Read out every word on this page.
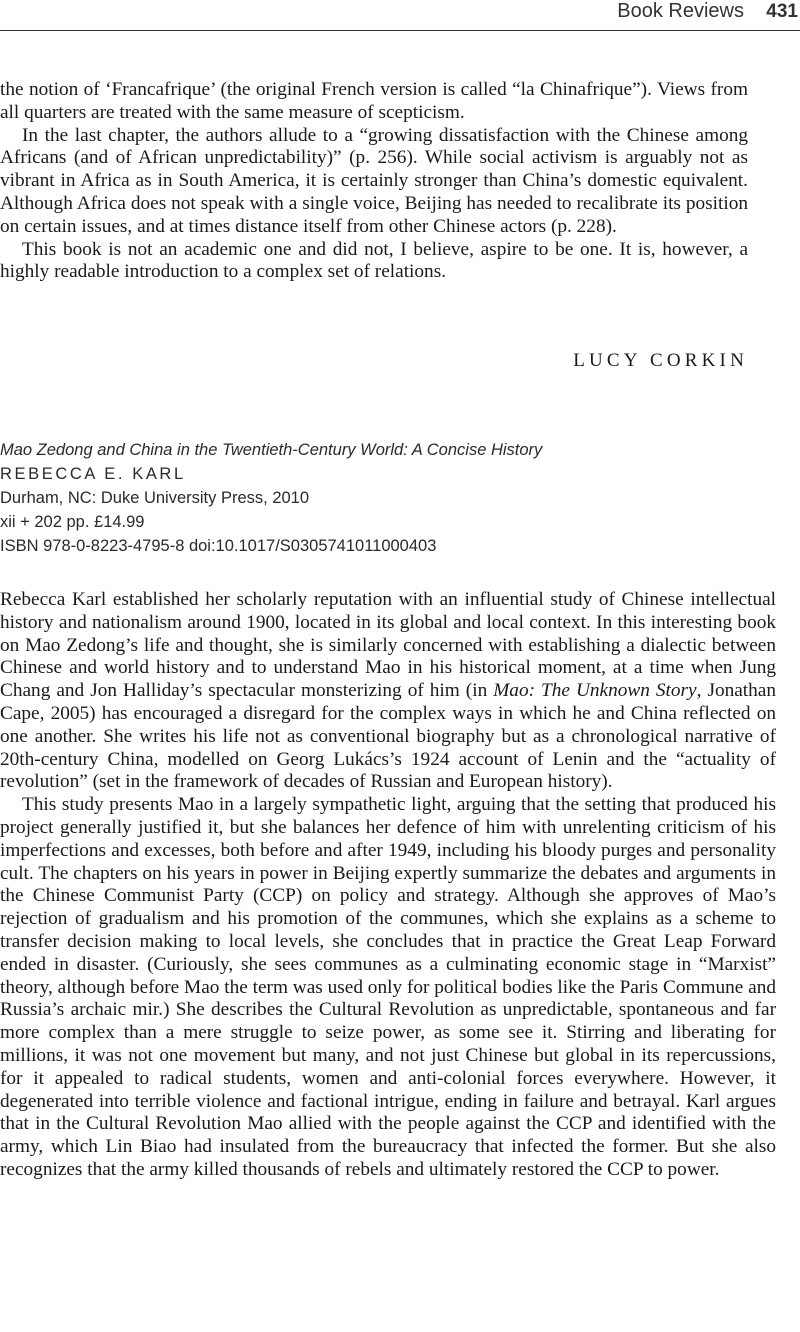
Book Reviews 431

the notion of ‘Francafrique’ (the original French version is called “la Chinafrique”). Views from all quarters are treated with the same measure of scepticism.

In the last chapter, the authors allude to a “growing dissatisfaction with the Chinese among Africans (and of African unpredictability)” (p. 256). While social activism is arguably not as vibrant in Africa as in South America, it is certainly stronger than China’s domestic equivalent. Although Africa does not speak with a single voice, Beijing has needed to recalibrate its position on certain issues, and at times distance itself from other Chinese actors (p. 228).

This book is not an academic one and did not, I believe, aspire to be one. It is, however, a highly readable introduction to a complex set of relations.

LUCY CORKIN
Mao Zedong and China in the Twentieth-Century World: A Concise History
REBECCA E. KARL
Durham, NC: Duke University Press, 2010
xii + 202 pp. £14.99
ISBN 978-0-8223-4795-8 doi:10.1017/S0305741011000403

Rebecca Karl established her scholarly reputation with an influential study of Chinese intellectual history and nationalism around 1900, located in its global and local context. In this interesting book on Mao Zedong’s life and thought, she is similarly concerned with establishing a dialectic between Chinese and world history and to understand Mao in his historical moment, at a time when Jung Chang and Jon Halliday’s spectacular monsterizing of him (in Mao: The Unknown Story, Jonathan Cape, 2005) has encouraged a disregard for the complex ways in which he and China reflected on one another. She writes his life not as conventional biography but as a chronological narrative of 20th-century China, modelled on Georg Lukács’s 1924 account of Lenin and the “actuality of revolution” (set in the framework of decades of Russian and European history).

This study presents Mao in a largely sympathetic light, arguing that the setting that produced his project generally justified it, but she balances her defence of him with unrelenting criticism of his imperfections and excesses, both before and after 1949, including his bloody purges and personality cult. The chapters on his years in power in Beijing expertly summarize the debates and arguments in the Chinese Communist Party (CCP) on policy and strategy. Although she approves of Mao’s rejection of gradualism and his promotion of the communes, which she explains as a scheme to transfer decision making to local levels, she concludes that in practice the Great Leap Forward ended in disaster. (Curiously, she sees communes as a culminating economic stage in “Marxist” theory, although before Mao the term was used only for political bodies like the Paris Commune and Russia’s archaic mir.) She describes the Cultural Revolution as unpredictable, spontaneous and far more complex than a mere struggle to seize power, as some see it. Stirring and liberating for millions, it was not one movement but many, and not just Chinese but global in its repercussions, for it appealed to radical students, women and anti-colonial forces everywhere. However, it degenerated into terrible violence and factional intrigue, ending in failure and betrayal. Karl argues that in the Cultural Revolution Mao allied with the people against the CCP and identified with the army, which Lin Biao had insulated from the bureaucracy that infected the former. But she also recognizes that the army killed thousands of rebels and ultimately restored the CCP to power.
